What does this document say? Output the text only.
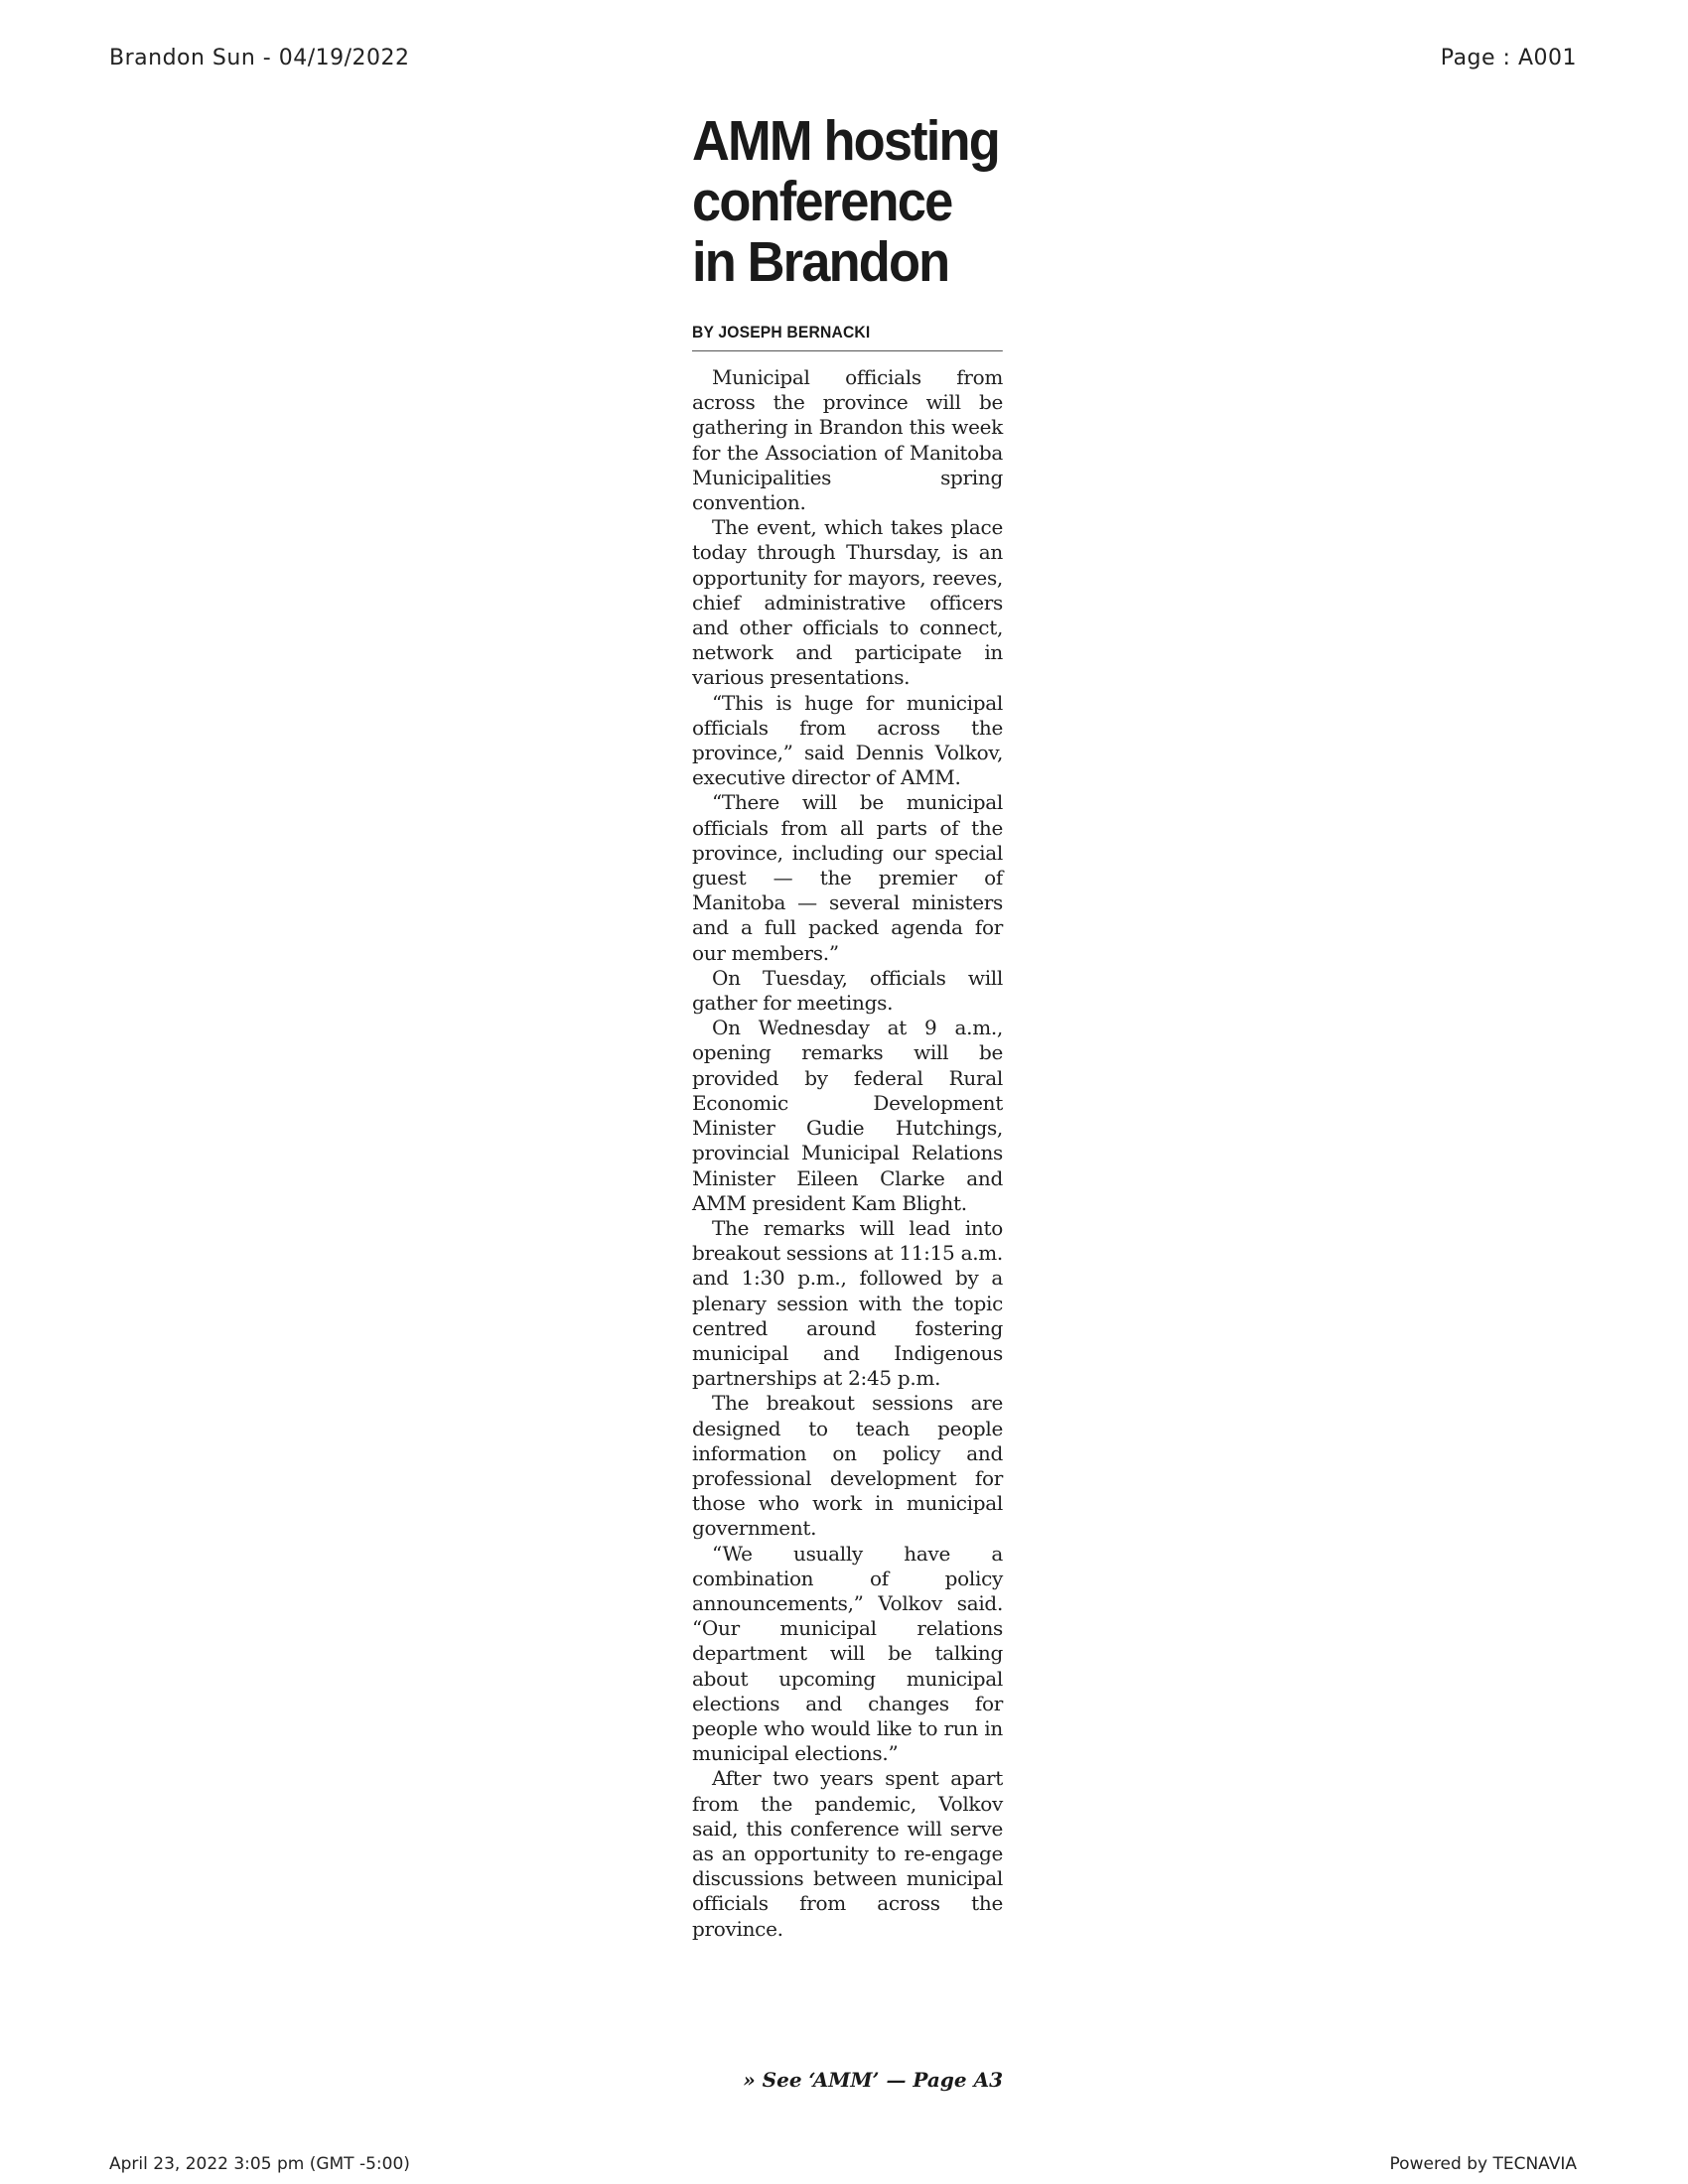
Brandon Sun - 04/19/2022	Page : A001
AMM hosting
conference
in Brandon
BY JOSEPH BERNACKI

Municipal officials from across the province will be gathering in Brandon this week for the Association of Manitoba Municipalities spring convention.

The event, which takes place today through Thursday, is an opportunity for mayors, reeves, chief administrative officers and other officials to connect, network and participate in various presentations.

“This is huge for municipal officials from across the province,” said Dennis Volkov, executive director of AMM.

“There will be municipal officials from all parts of the province, including our special guest — the premier of Manitoba — several ministers and a full packed agenda for our members.”

On Tuesday, officials will gather for meetings.

On Wednesday at 9 a.m., opening remarks will be provided by federal Rural Economic Development Minister Gudie Hutchings, provincial Municipal Relations Minister Eileen Clarke and AMM president Kam Blight.

The remarks will lead into breakout sessions at 11:15 a.m. and 1:30 p.m., followed by a plenary session with the topic centred around fostering municipal and Indigenous partnerships at 2:45 p.m.

The breakout sessions are designed to teach people information on policy and professional development for those who work in municipal government.

“We usually have a combination of policy announcements,” Volkov said. “Our municipal relations department will be talking about upcoming municipal elections and changes for people who would like to run in municipal elections.”

After two years spent apart from the pandemic, Volkov said, this conference will serve as an opportunity to re-engage discussions between municipal officials from across the province.

» See ‘AMM’ — Page A3
April 23, 2022 3:05 pm (GMT -5:00)	Powered by TECNAVIA
